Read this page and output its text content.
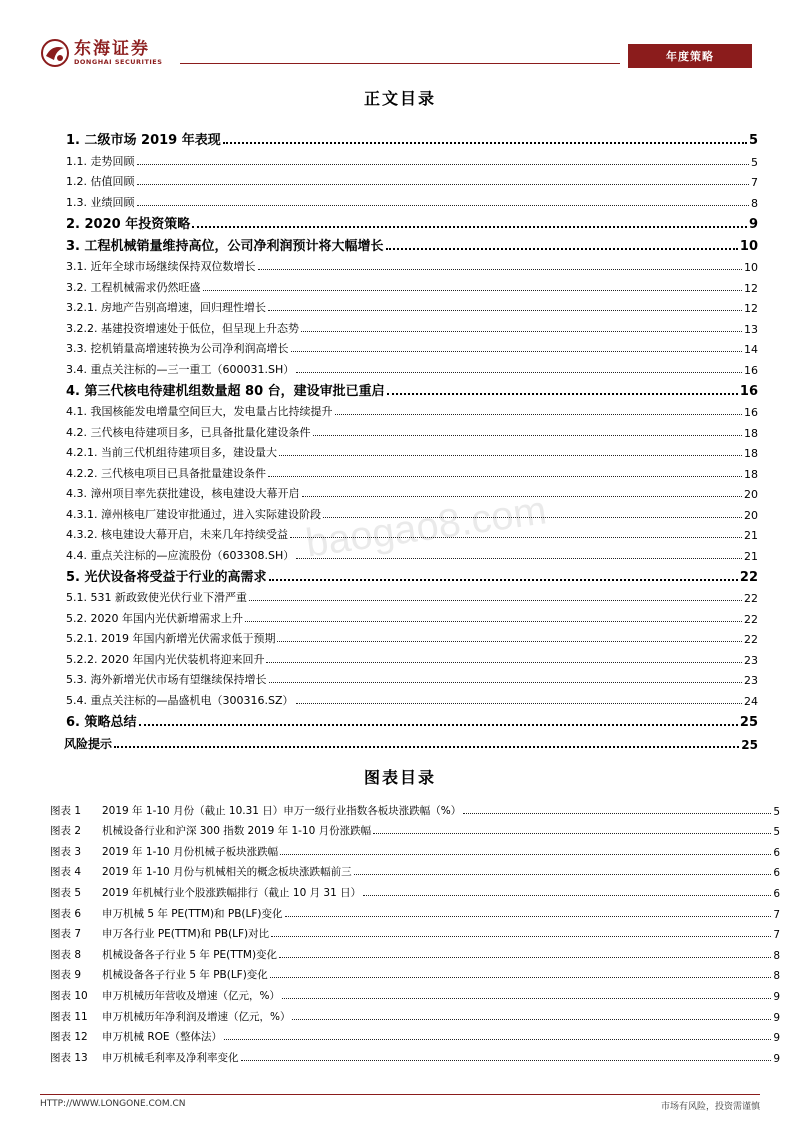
东海证券
DONGHAI SECURITIES	年度策略
正文目录
1. 二级市场 2019 年表现	5
1.1. 走势回顾	5
1.2. 估值回顾	7
1.3. 业绩回顾	8
2. 2020 年投资策略	9
3. 工程机械销量维持高位，公司净利润预计将大幅增长	10
3.1. 近年全球市场继续保持双位数增长	10
3.2. 工程机械需求仍然旺盛	12
3.2.1. 房地产告别高增速，回归理性增长	12
3.2.2. 基建投资增速处于低位，但呈现上升态势	13
3.3. 挖机销量高增速转换为公司净利润高增长	14
3.4. 重点关注标的—三一重工（600031.SH）	16
4. 第三代核电待建机组数量超 80 台，建设审批已重启	16
4.1. 我国核能发电增量空间巨大，发电量占比持续提升	16
4.2. 三代核电待建项目多，已具备批量化建设条件	18
4.2.1. 当前三代机组待建项目多，建设量大	18
4.2.2. 三代核电项目已具备批量建设条件	18
4.3. 漳州项目率先获批建设，核电建设大幕开启	20
4.3.1. 漳州核电厂建设审批通过，进入实际建设阶段	20
4.3.2. 核电建设大幕开启，未来几年持续受益	21
4.4. 重点关注标的—应流股份（603308.SH）	21
5. 光伏设备将受益于行业的高需求	22
5.1. 531 新政致使光伏行业下滑严重	22
5.2. 2020 年国内光伏新增需求上升	22
5.2.1. 2019 年国内新增光伏需求低于预期	22
5.2.2. 2020 年国内光伏装机将迎来回升	23
5.3. 海外新增光伏市场有望继续保持增长	23
5.4. 重点关注标的—晶盛机电（300316.SZ）	24
6. 策略总结	25
风险提示	25
图表目录
图表 1 2019 年 1-10 月份（截止 10.31 日）申万一级行业指数各板块涨跌幅（%）	5
图表 2 机械设备行业和沪深 300 指数 2019 年 1-10 月份涨跌幅	5
图表 3 2019 年 1-10 月份机械子板块涨跌幅	6
图表 4 2019 年 1-10 月份与机械相关的概念板块涨跌幅前三	6
图表 5 2019 年机械行业个股涨跌幅排行（截止 10 月 31 日）	6
图表 6 申万机械 5 年 PE(TTM)和 PB(LF)变化	7
图表 7 申万各行业 PE(TTM)和 PB(LF)对比	7
图表 8 机械设备各子行业 5 年 PE(TTM)变化	8
图表 9 机械设备各子行业 5 年 PB(LF)变化	8
图表 10 申万机械历年营收及增速（亿元，%）	9
图表 11 申万机械历年净利润及增速（亿元，%）	9
图表 12 申万机械 ROE（整体法）	9
图表 13 申万机械毛利率及净利率变化	9
baogao8.com
HTTP://WWW.LONGONE.COM.CN	市场有风险，投资需谨慎
